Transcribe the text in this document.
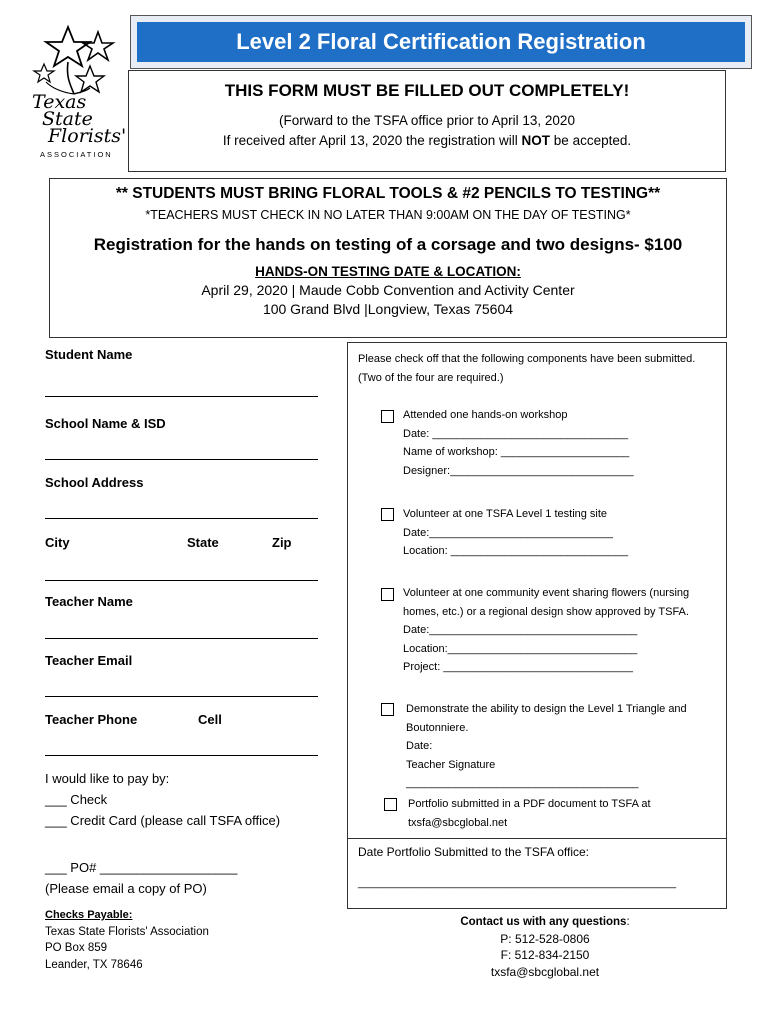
Texas
State
Florists'
ASSOCIATION
Level 2 Floral Certification Registration
THIS FORM MUST BE FILLED OUT COMPLETELY!
(Forward to the TSFA office prior to April 13, 2020
If received after April 13, 2020 the registration will NOT be accepted.
** STUDENTS MUST BRING FLORAL TOOLS & #2 PENCILS TO TESTING**
*TEACHERS MUST CHECK IN NO LATER THAN 9:00AM ON THE DAY OF TESTING*
Registration for the hands on testing of a corsage and two designs- $100
HANDS-ON TESTING DATE & LOCATION:
April 29, 2020 | Maude Cobb Convention and Activity Center
100 Grand Blvd |Longview, Texas 75604
Student Name
School Name & ISD
School Address
City	State	Zip
Teacher Name
Teacher Email
Teacher Phone	Cell
I would like to pay by:
___ Check
___ Credit Card (please call TSFA office)
___ PO# ___________________
(Please email a copy of PO)
Checks Payable:
Texas State Florists' Association
PO Box 859
Leander, TX 78646
Please check off that the following components have been submitted.
(Two of the four are required.)
Attended one hands-on workshop
Date: ________________________________
Name of workshop: _____________________
Designer:______________________________
Volunteer at one TSFA Level 1 testing site
Date:______________________________
Location: _____________________________
Volunteer at one community event sharing flowers (nursing
homes, etc.) or a regional design show approved by TSFA.
Date:__________________________________
Location:_______________________________
Project: _______________________________
Demonstrate the ability to design the Level 1 Triangle and
Boutonniere.
Date:
Teacher Signature
______________________________________
Portfolio submitted in a PDF document to TSFA at
txsfa@sbcglobal.net
Date Portfolio Submitted to the TSFA office:
____________________________________________________
Contact us with any questions:
P: 512-528-0806
F: 512-834-2150
txsfa@sbcglobal.net
